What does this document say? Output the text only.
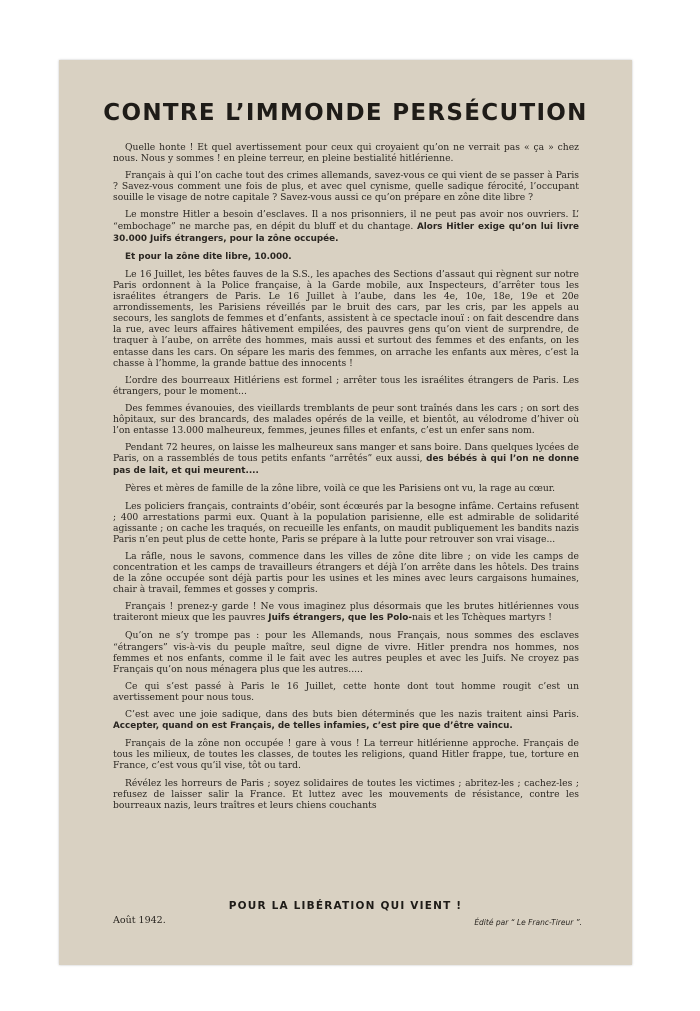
CONTRE L’IMMONDE PERSÉCUTION

Quelle honte ! Et quel avertissement pour ceux qui croyaient qu’on ne verrait pas « ça » chez nous. Nous y sommes ! en pleine terreur, en pleine bestialité hitlérienne.

Français à qui l’on cache tout des crimes allemands, savez-vous ce qui vient de se passer à Paris ? Savez-vous comment une fois de plus, et avec quel cynisme, quelle sadique férocité, l’occupant souille le visage de notre capitale ? Savez-vous aussi ce qu’on prépare en zône dite libre ?

Le monstre Hitler a besoin d’esclaves. Il a nos prisonniers, il ne peut pas avoir nos ouvriers. L’ “embochage” ne marche pas, en dépit du bluff et du chantage. Alors Hitler exige qu’on lui livre 30.000 Juifs étrangers, pour la zône occupée.

Et pour la zône dite libre, 10.000.

Le 16 Juillet, les bêtes fauves de la S.S., les apaches des Sections d’assaut qui règnent sur notre Paris ordonnent à la Police française, à la Garde mobile, aux Inspecteurs, d’arrêter tous les israélites étrangers de Paris. Le 16 Juillet à l’aube, dans les 4e, 10e, 18e, 19e et 20e arrondissements, les Parisiens réveillés par le bruit des cars, par les cris, par les appels au secours, les sanglots de femmes et d’enfants, assistent à ce spectacle inouï : on fait descendre dans la rue, avec leurs affaires hâtivement empilées, des pauvres gens qu’on vient de surprendre, de traquer à l’aube, on arrête des hommes, mais aussi et surtout des femmes et des enfants, on les entasse dans les cars. On sépare les maris des femmes, on arrache les enfants aux mères, c’est la chasse à l’homme, la grande battue des innocents !

L’ordre des bourreaux Hitlériens est formel ; arrêter tous les israélites étrangers de Paris. Les étrangers, pour le moment...

Des femmes évanouies, des vieillards tremblants de peur sont traînés dans les cars ; on sort des hôpitaux, sur des brancards, des malades opérés de la veille, et bientôt, au vélodrome d’hiver où l’on entasse 13.000 malheureux, femmes, jeunes filles et enfants, c’est un enfer sans nom.

Pendant 72 heures, on laisse les malheureux sans manger et sans boire. Dans quelques lycées de Paris, on a rassemblés de tous petits enfants “arrêtés” eux aussi, des bébés à qui l’on ne donne pas de lait, et qui meurent....

Pères et mères de famille de la zône libre, voilà ce que les Parisiens ont vu, la rage au cœur.

Les policiers français, contraints d’obéir, sont écœurés par la besogne infâme. Certains refusent ; 400 arrestations parmi eux. Quant à la population parisienne, elle est admirable de solidarité agissante ; on cache les traqués, on recueille les enfants, on maudit publiquement les bandits nazis Paris n’en peut plus de cette honte, Paris se prépare à la lutte pour retrouver son vrai visage...

La râfle, nous le savons, commence dans les villes de zône dite libre ; on vide les camps de concentration et les camps de travailleurs étrangers et déjà l’on arrête dans les hôtels. Des trains de la zône occupée sont déjà partis pour les usines et les mines avec leurs cargaisons humaines, chair à travail, femmes et gosses y compris.

Français ! prenez-y garde ! Ne vous imaginez plus désormais que les brutes hitlériennes vous traiteront mieux que les pauvres Juifs étrangers, que les Polo-nais et les Tchèques martyrs !

Qu’on ne s’y trompe pas : pour les Allemands, nous Français, nous sommes des esclaves “étrangers” vis-à-vis du peuple maître, seul digne de vivre. Hitler prendra nos hommes, nos femmes et nos enfants, comme il le fait avec les autres peuples et avec les Juifs. Ne croyez pas Français qu’on nous ménagera plus que les autres.....

Ce qui s’est passé à Paris le 16 Juillet, cette honte dont tout homme rougit c’est un avertissement pour nous tous.

C’est avec une joie sadique, dans des buts bien déterminés que les nazis traitent ainsi Paris. Accepter, quand on est Français, de telles infamies, c’est pire que d’être vaincu.

Français de la zône non occupée ! gare à vous ! La terreur hitlérienne approche. Français de tous les milieux, de toutes les classes, de toutes les religions, quand Hitler frappe, tue, torture en France, c’est vous qu’il vise, tôt ou tard.

Révélez les horreurs de Paris ; soyez solidaires de toutes les victimes ; abritez-les ; cachez-les ; refusez de laisser salir la France. Et luttez avec les mouvements de résistance, contre les bourreaux nazis, leurs traîtres et leurs chiens couchants

POUR LA LIBÉRATION QUI VIENT !
Août 1942.	Édité par “ Le Franc-Tireur ”.
